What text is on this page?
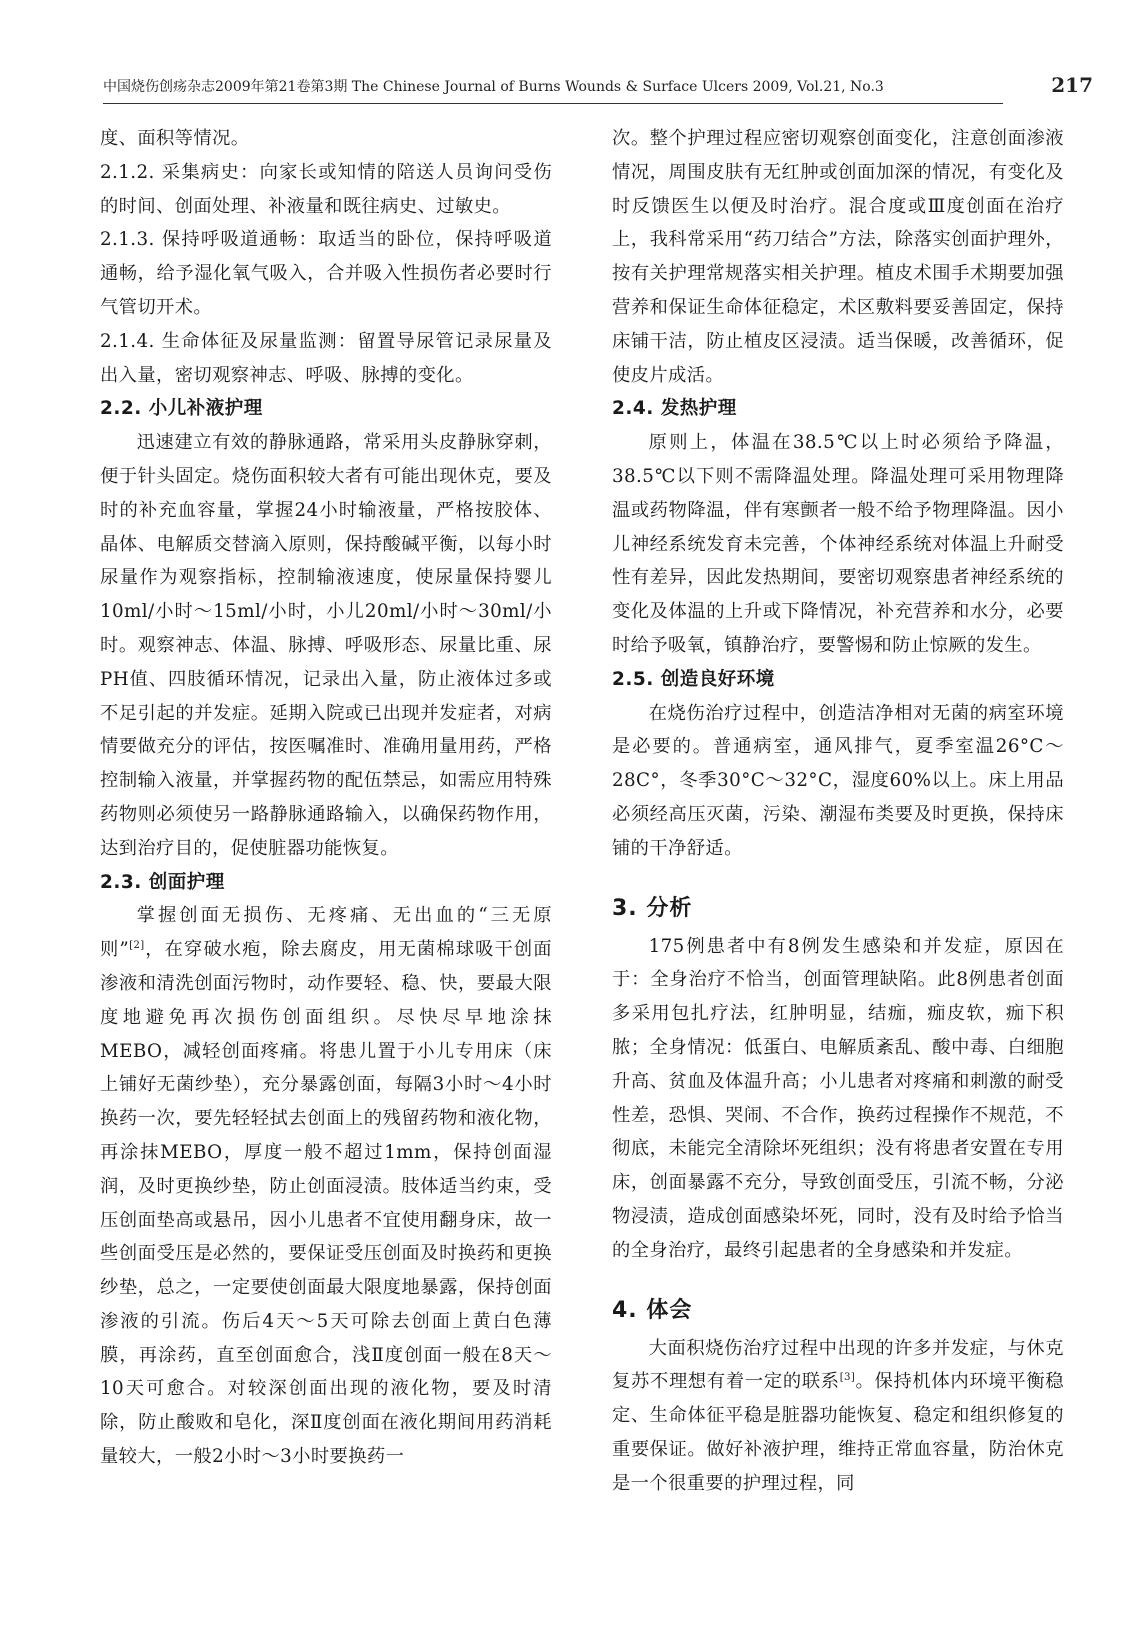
中国烧伤创疡杂志2009年第21卷第3期 The Chinese Journal of Burns Wounds & Surface Ulcers 2009, Vol.21, No.3	217

度、面积等情况。

2.1.2. 采集病史：向家长或知情的陪送人员询问受伤的时间、创面处理、补液量和既往病史、过敏史。

2.1.3. 保持呼吸道通畅：取适当的卧位，保持呼吸道通畅，给予湿化氧气吸入，合并吸入性损伤者必要时行气管切开术。

2.1.4. 生命体征及尿量监测：留置导尿管记录尿量及出入量，密切观察神志、呼吸、脉搏的变化。

2.2. 小儿补液护理

迅速建立有效的静脉通路，常采用头皮静脉穿刺，便于针头固定。烧伤面积较大者有可能出现休克，要及时的补充血容量，掌握24小时输液量，严格按胶体、晶体、电解质交替滴入原则，保持酸碱平衡，以每小时尿量作为观察指标，控制输液速度，使尿量保持婴儿10ml/小时～15ml/小时，小儿20ml/小时～30ml/小时。观察神志、体温、脉搏、呼吸形态、尿量比重、尿PH值、四肢循环情况，记录出入量，防止液体过多或不足引起的并发症。延期入院或已出现并发症者，对病情要做充分的评估，按医嘱准时、准确用量用药，严格控制输入液量，并掌握药物的配伍禁忌，如需应用特殊药物则必须使另一路静脉通路输入，以确保药物作用，达到治疗目的，促使脏器功能恢复。

2.3. 创面护理

掌握创面无损伤、无疼痛、无出血的“三无原则”[2]，在穿破水疱，除去腐皮，用无菌棉球吸干创面渗液和清洗创面污物时，动作要轻、稳、快，要最大限度地避免再次损伤创面组织。尽快尽早地涂抹MEBO，减轻创面疼痛。将患儿置于小儿专用床（床上铺好无菌纱垫），充分暴露创面，每隔3小时～4小时换药一次，要先轻轻拭去创面上的残留药物和液化物，再涂抹MEBO，厚度一般不超过1mm，保持创面湿润，及时更换纱垫，防止创面浸渍。肢体适当约束，受压创面垫高或悬吊，因小儿患者不宜使用翻身床，故一些创面受压是必然的，要保证受压创面及时换药和更换纱垫，总之，一定要使创面最大限度地暴露，保持创面渗液的引流。伤后4天～5天可除去创面上黄白色薄膜，再涂药，直至创面愈合，浅Ⅱ度创面一般在8天～10天可愈合。对较深创面出现的液化物，要及时清除，防止酸败和皂化，深Ⅱ度创面在液化期间用药消耗量较大，一般2小时～3小时要换药一

次。整个护理过程应密切观察创面变化，注意创面渗液情况，周围皮肤有无红肿或创面加深的情况，有变化及时反馈医生以便及时治疗。混合度或Ⅲ度创面在治疗上，我科常采用“药刀结合”方法，除落实创面护理外，按有关护理常规落实相关护理。植皮术围手术期要加强营养和保证生命体征稳定，术区敷料要妥善固定，保持床铺干洁，防止植皮区浸渍。适当保暖，改善循环，促使皮片成活。

2.4. 发热护理

原则上，体温在38.5℃以上时必须给予降温，38.5℃以下则不需降温处理。降温处理可采用物理降温或药物降温，伴有寒颤者一般不给予物理降温。因小儿神经系统发育未完善，个体神经系统对体温上升耐受性有差异，因此发热期间，要密切观察患者神经系统的变化及体温的上升或下降情况，补充营养和水分，必要时给予吸氧，镇静治疗，要警惕和防止惊厥的发生。

2.5. 创造良好环境

在烧伤治疗过程中，创造洁净相对无菌的病室环境是必要的。普通病室，通风排气，夏季室温26°C～28C°，冬季30°C～32°C，湿度60%以上。床上用品必须经高压灭菌，污染、潮湿布类要及时更换，保持床铺的干净舒适。

3. 分析

175例患者中有8例发生感染和并发症，原因在于：全身治疗不恰当，创面管理缺陷。此8例患者创面多采用包扎疗法，红肿明显，结痂，痂皮软，痂下积脓；全身情况：低蛋白、电解质紊乱、酸中毒、白细胞升高、贫血及体温升高；小儿患者对疼痛和刺激的耐受性差，恐惧、哭闹、不合作，换药过程操作不规范，不彻底，未能完全清除坏死组织；没有将患者安置在专用床，创面暴露不充分，导致创面受压，引流不畅，分泌物浸渍，造成创面感染坏死，同时，没有及时给予恰当的全身治疗，最终引起患者的全身感染和并发症。

4. 体会

大面积烧伤治疗过程中出现的许多并发症，与休克复苏不理想有着一定的联系[3]。保持机体内环境平衡稳定、生命体征平稳是脏器功能恢复、稳定和组织修复的重要保证。做好补液护理，维持正常血容量，防治休克是一个很重要的护理过程，同
